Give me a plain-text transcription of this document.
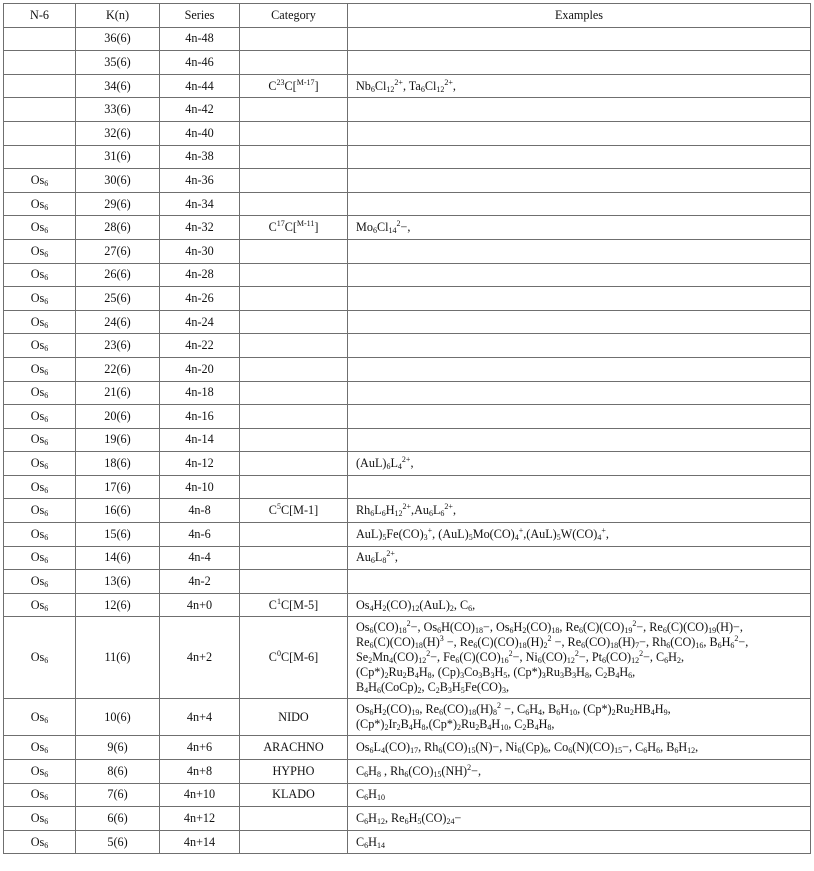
N-6	K(n)	Series	Category	Examples
	36(6)	4n-48		
	35(6)	4n-46		
	34(6)	4n-44	$C^{23}C[^{M-17}]$	$Nb_6Cl_{12}^{2+}$, $Ta_6Cl_{12}^{2+}$,

	33(6)	4n-42		
	32(6)	4n-40		
	31(6)	4n-38		
$Os_6$	30(6)	4n-36		
$Os_6$	29(6)	4n-34		
$Os_6$	28(6)	4n-32	$C^{17}C[^{M-11}]$	$Mo_6Cl_{14}^2-$,

$Os_6$	27(6)	4n-30		
$Os_6$	26(6)	4n-28		
$Os_6$	25(6)	4n-26		
$Os_6$	24(6)	4n-24		
$Os_6$	23(6)	4n-22		
$Os_6$	22(6)	4n-20		
$Os_6$	21(6)	4n-18		
$Os_6$	20(6)	4n-16		
$Os_6$	19(6)	4n-14		
$Os_6$	18(6)	4n-12		$(AuL)_6L_4^{2+}$,

$Os_6$	17(6)	4n-10		
$Os_6$	16(6)	4n-8	$C^5C[M-1]$	$Rh_6L_6H_{12}^{2+},Au_6L_6^{2+}$,

$Os_6$	15(6)	4n-6		$AuL)_5Fe(CO)_3^+$, $(AuL)_5Mo(CO)_4^+,(AuL)_5W(CO)_4^+$,

$Os_6$	14(6)	4n-4		$Au_6L_8^{2+}$,

$Os_6$	13(6)	4n-2		
$Os_6$	12(6)	4n+0	$C^1C[M-5]$	$Os_4H_2(CO)_{12}(AuL)_2$, $C_6$,

$Os_6$	11(6)	4n+2	$C^0C[M-6]$	$Os_6(CO)_{18}^2-$, $Os_6H(CO)_{18}-$, $Os_6H_2(CO)_{18}$, $Re_6(C)(CO)_{19}^2-$, $Re_6(C)(CO)_{19}(H)-$,
$Re_6(C)(CO)_{18}(H)^3$ −, $Re_6(C)(CO)_{18}(H)_2^2$ −, $Re_6(CO)_{18}(H)_7-$, $Rh_6(CO)_{16}$, $B_6H_6^2-$,
$Se_2Mn_4(CO)_{12}^2-$, $Fe_6(C)(CO)_{16}^2-$, $Ni_6(CO)_{12}^2-$, $Pt_6(CO)_{12}^2-$, $C_6H_2$,
$(Cp*)_2Ru_2B_4H_8$, $(Cp)_3Co_3B_3H_5$, $(Cp*)_3Ru_3B_3H_8$, $C_2B_4H_6$,
$B_4H_6(CoCp)_2$, $C_2B_3H_5Fe(CO)_3$,

$Os_6$	10(6)	4n+4	NIDO	$Os_6H_2(CO)_{19}$, $Re_6(CO)_{18}(H)_8^2$ −, $C_6H_4$, $B_6H_{10}$, $(Cp*)_2Ru_2HB_4H_9$,
$(Cp*)_2Ir_2B_4H_8,(Cp*)_2Ru_2B_4H_{10}$, $C_2B_4H_8$,

$Os_6$	9(6)	4n+6	ARACHNO	$Os_6L_4(CO)_{17}$, $Rh_6(CO)_{15}(N)-$, $Ni_6(Cp)_6$, $Co_6(N)(CO)_{15}-$, $C_6H_6$, $B_6H_{12}$,

$Os_6$	8(6)	4n+8	HYPHO	$C_6H_8$ , $Rh_6(CO)_{15}(NH)^2-$,

$Os_6$	7(6)	4n+10	KLADO	$C_6H_{10}$

$Os_6$	6(6)	4n+12		$C_6H_{12}$, $Re_6H_5(CO)_{24}-$

$Os_6$	5(6)	4n+14		$C_6H_{14}$
